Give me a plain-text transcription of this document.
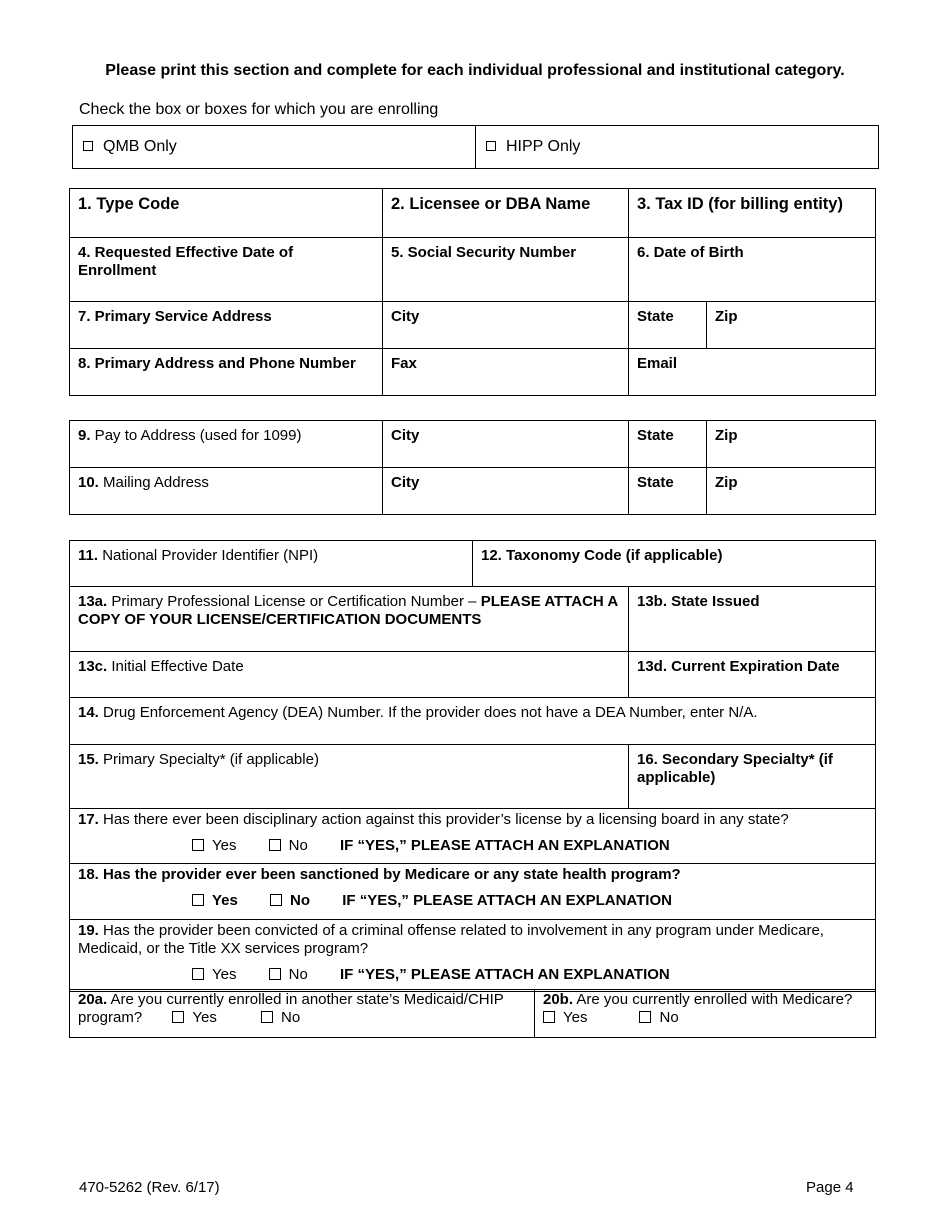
Please print this section and complete for each individual professional and institutional category.
Check the box or boxes for which you are enrolling
QMB Only	HIPP Only
1. Type Code	2. Licensee or DBA Name	3. Tax ID (for billing entity)	
4. Requested Effective Date of Enrollment	5. Social Security Number	6. Date of Birth	
7. Primary Service Address	City	State	Zip
8. Primary Address and Phone Number	Fax	Email	
9. Pay to Address (used for 1099)	City	State	Zip
10. Mailing Address	City	State	Zip
11. National Provider Identifier (NPI)	12. Taxonomy Code (if applicable)	
13a. Primary Professional License or Certification Number – PLEASE ATTACH A COPY OF YOUR LICENSE/CERTIFICATION DOCUMENTS		13b. State Issued
13c. Initial Effective Date		13d. Current Expiration Date
14. Drug Enforcement Agency (DEA) Number. If the provider does not have a DEA Number, enter N/A.		
15. Primary Specialty* (if applicable)		16. Secondary Specialty* (if applicable)

17. Has there ever been disciplinary action against this provider’s license by a licensing board in any state?
Yes No IF “YES,” PLEASE ATTACH AN EXPLANATION		

18. Has the provider ever been sanctioned by Medicare or any state health program?
Yes No IF “YES,” PLEASE ATTACH AN EXPLANATION		

19. Has the provider been convicted of a criminal offense related to involvement in any program under Medicare, Medicaid, or the Title XX services program?
Yes No IF “YES,” PLEASE ATTACH AN EXPLANATION		
20a. Are you currently enrolled in another state’s Medicaid/CHIP program?	Yes	No	
20b. Are you currently enrolled with Medicare?
Yes	No
470-5262 (Rev. 6/17)	Page 4
